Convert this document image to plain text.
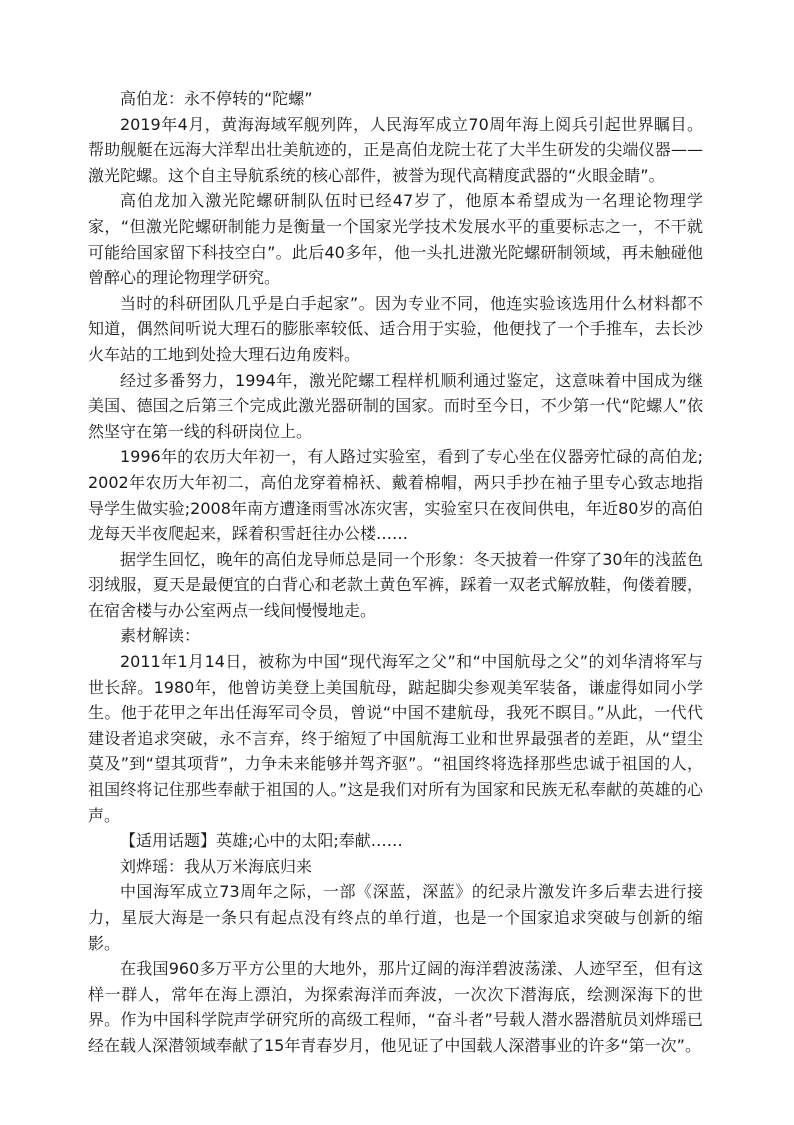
高伯龙：永不停转的“陀螺”

2019年4月，黄海海域军舰列阵，人民海军成立70周年海上阅兵引起世界瞩目。帮助舰艇在远海大洋犁出壮美航迹的，正是高伯龙院士花了大半生研发的尖端仪器——激光陀螺。这个自主导航系统的核心部件，被誉为现代高精度武器的“火眼金睛”。

高伯龙加入激光陀螺研制队伍时已经47岁了，他原本希望成为一名理论物理学家，“但激光陀螺研制能力是衡量一个国家光学技术发展水平的重要标志之一，不干就可能给国家留下科技空白”。此后40多年，他一头扎进激光陀螺研制领域，再未触碰他曾醉心的理论物理学研究。

当时的科研团队几乎是白手起家”。因为专业不同，他连实验该选用什么材料都不知道，偶然间听说大理石的膨胀率较低、适合用于实验，他便找了一个手推车，去长沙火车站的工地到处捡大理石边角废料。

经过多番努力，1994年，激光陀螺工程样机顺利通过鉴定，这意味着中国成为继美国、德国之后第三个完成此激光器研制的国家。而时至今日，不少第一代“陀螺人”依然坚守在第一线的科研岗位上。

1996年的农历大年初一，有人路过实验室，看到了专心坐在仪器旁忙碌的高伯龙;2002年农历大年初二，高伯龙穿着棉袄、戴着棉帽，两只手抄在袖子里专心致志地指导学生做实验;2008年南方遭逢雨雪冰冻灾害，实验室只在夜间供电，年近80岁的高伯龙每天半夜爬起来，踩着积雪赶往办公楼……

据学生回忆，晚年的高伯龙导师总是同一个形象：冬天披着一件穿了30年的浅蓝色羽绒服，夏天是最便宜的白背心和老款土黄色军裤，踩着一双老式解放鞋，佝偻着腰，在宿舍楼与办公室两点一线间慢慢地走。

素材解读：

2011年1月14日，被称为中国“现代海军之父”和“中国航母之父”的刘华清将军与世长辞。1980年，他曾访美登上美国航母，踮起脚尖参观美军装备，谦虚得如同小学生。他于花甲之年出任海军司令员，曾说“中国不建航母，我死不瞑目。”从此，一代代建设者追求突破，永不言弃，终于缩短了中国航海工业和世界最强者的差距，从“望尘莫及”到“望其项背”，力争未来能够并驾齐驱”。“祖国终将选择那些忠诚于祖国的人，祖国终将记住那些奉献于祖国的人。”这是我们对所有为国家和民族无私奉献的英雄的心声。

【适用话题】英雄;心中的太阳;奉献……

刘烨瑶：我从万米海底归来

中国海军成立73周年之际，一部《深蓝，深蓝》的纪录片激发许多后辈去进行接力，星辰大海是一条只有起点没有终点的单行道，也是一个国家追求突破与创新的缩影。

在我国960多万平方公里的大地外，那片辽阔的海洋碧波荡漾、人迹罕至，但有这样一群人，常年在海上漂泊，为探索海洋而奔波，一次次下潜海底，绘测深海下的世界。作为中国科学院声学研究所的高级工程师，“奋斗者”号载人潜水器潜航员刘烨瑶已经在载人深潜领域奉献了15年青春岁月，他见证了中国载人深潜事业的许多“第一次”。
